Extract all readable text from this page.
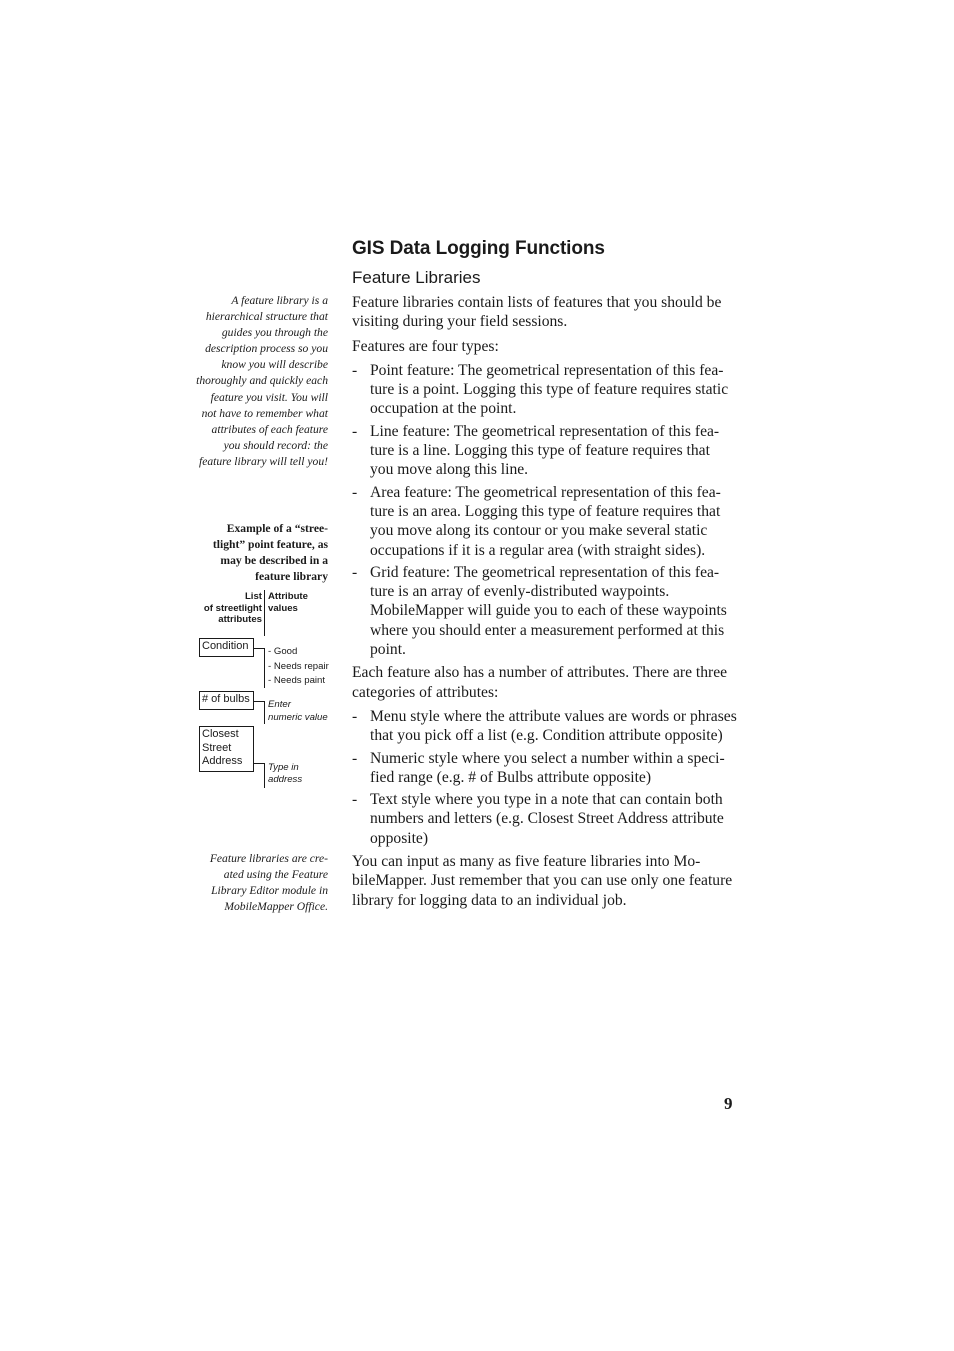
GIS Data Logging Functions
Feature Libraries
A feature library is a hierarchical structure that guides you through the description process so you know you will describe thoroughly and quickly each feature you visit. You will not have to remember what attributes of each feature you should record: the feature library will tell you!
Example of a “stree- tlight” point feature, as may be described in a feature library
List
of streetlight
attributes
Attribute
values
Condition	- Good
- Needs repair
- Needs paint
# of bulbs	Enter
numeric value
Closest
Street
Address
Type in
address
Feature libraries are cre- ated using the Feature Library Editor module in MobileMapper Office.

Feature libraries contain lists of features that you should be visiting during your field sessions.

Features are four types:

- Point feature: The geometrical representation of this fea- ture is a point. Logging this type of feature requires static occupation at the point.
- Line feature: The geometrical representation of this fea- ture is a line. Logging this type of feature requires that you move along this line.
- Area feature: The geometrical representation of this fea- ture is an area. Logging this type of feature requires that you move along its contour or you make several static occupations if it is a regular area (with straight sides).
- Grid feature: The geometrical representation of this fea- ture is an array of evenly-distributed waypoints. MobileMapper will guide you to each of these waypoints where you should enter a measurement performed at this point.

Each feature also has a number of attributes. There are three categories of attributes:

- Menu style where the attribute values are words or phrases that you pick off a list (e.g. Condition attribute opposite)
- Numeric style where you select a number within a speci- fied range (e.g. # of Bulbs attribute opposite)
- Text style where you type in a note that can contain both numbers and letters (e.g. Closest Street Address attribute opposite)

You can input as many as five feature libraries into Mo- bileMapper. Just remember that you can use only one feature library for logging data to an individual job.

9
